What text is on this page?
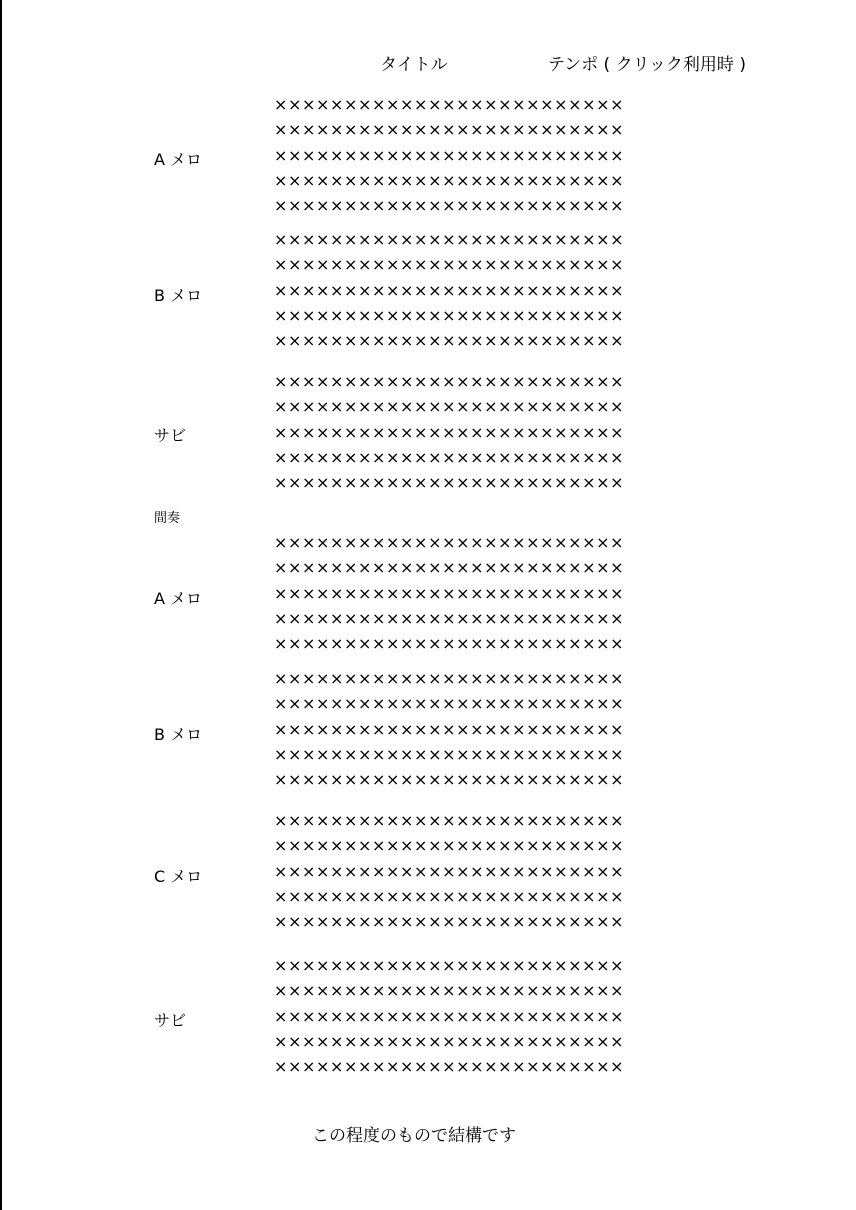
タイトル	テンポ ( クリック利用時 )
A メロ
×××××××××××××××××××××××××
×××××××××××××××××××××××××
×××××××××××××××××××××××××
×××××××××××××××××××××××××
×××××××××××××××××××××××××
B メロ
×××××××××××××××××××××××××
×××××××××××××××××××××××××
×××××××××××××××××××××××××
×××××××××××××××××××××××××
×××××××××××××××××××××××××
サビ
×××××××××××××××××××××××××
×××××××××××××××××××××××××
×××××××××××××××××××××××××
×××××××××××××××××××××××××
×××××××××××××××××××××××××
間奏
A メロ
×××××××××××××××××××××××××
×××××××××××××××××××××××××
×××××××××××××××××××××××××
×××××××××××××××××××××××××
×××××××××××××××××××××××××
B メロ
×××××××××××××××××××××××××
×××××××××××××××××××××××××
×××××××××××××××××××××××××
×××××××××××××××××××××××××
×××××××××××××××××××××××××
C メロ
×××××××××××××××××××××××××
×××××××××××××××××××××××××
×××××××××××××××××××××××××
×××××××××××××××××××××××××
×××××××××××××××××××××××××
サビ
×××××××××××××××××××××××××
×××××××××××××××××××××××××
×××××××××××××××××××××××××
×××××××××××××××××××××××××
×××××××××××××××××××××××××
この程度のもので結構です
